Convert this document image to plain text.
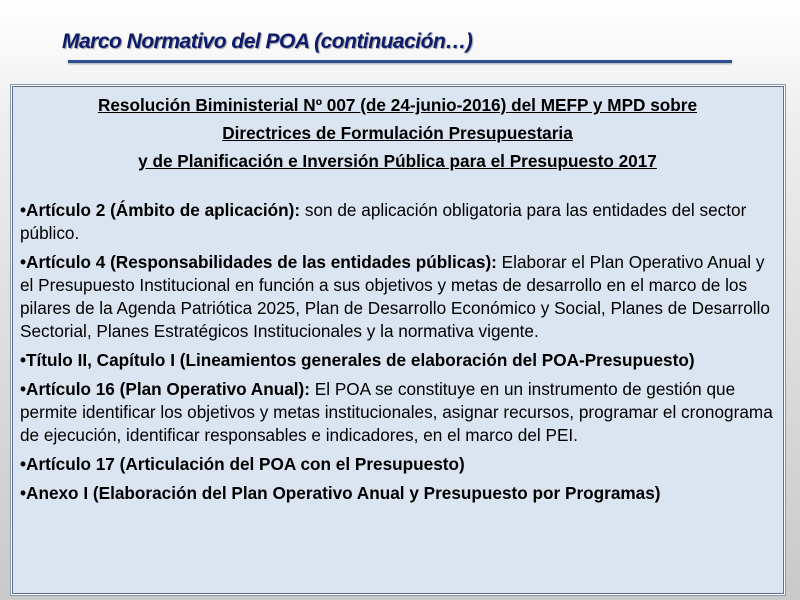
Marco Normativo del POA (continuación…)
Resolución Biministerial Nº 007 (de 24-junio-2016) del MEFP y MPD sobre
Directrices de Formulación Presupuestaria
y de Planificación e Inversión Pública para el Presupuesto 2017

•Artículo 2 (Ámbito de aplicación): son de aplicación obligatoria para las entidades del sector público.

•Artículo 4 (Responsabilidades de las entidades públicas): Elaborar el Plan Operativo Anual y el Presupuesto Institucional en función a sus objetivos y metas de desarrollo en el marco de los pilares de la Agenda Patriótica 2025, Plan de Desarrollo Económico y Social, Planes de Desarrollo Sectorial, Planes Estratégicos Institucionales y la normativa vigente.

•Título II, Capítulo I (Lineamientos generales de elaboración del POA-Presupuesto)

•Artículo 16 (Plan Operativo Anual): El POA se constituye en un instrumento de gestión que permite identificar los objetivos y metas institucionales, asignar recursos, programar el cronograma de ejecución, identificar responsables e indicadores, en el marco del PEI.

•Artículo 17 (Articulación del POA con el Presupuesto)

•Anexo I (Elaboración del Plan Operativo Anual y Presupuesto por Programas)
